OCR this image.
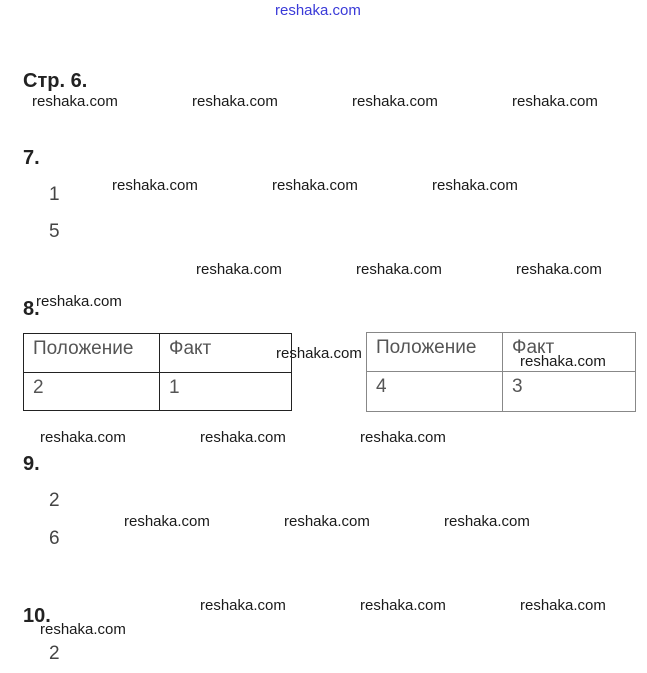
reshaka.com
Стр. 6.
reshaka.com	reshaka.com	reshaka.com	reshaka.com
7.
1
5
reshaka.com	reshaka.com	reshaka.com
reshaka.com	reshaka.com	reshaka.com
8.
reshaka.com
Положение	Факт
2	1
reshaka.com Положение	Факт
4	3
reshaka.com
reshaka.com	reshaka.com	reshaka.com
9.
2
6
reshaka.com	reshaka.com	reshaka.com
reshaka.com	reshaka.com	reshaka.com
10.
reshaka.com
2
